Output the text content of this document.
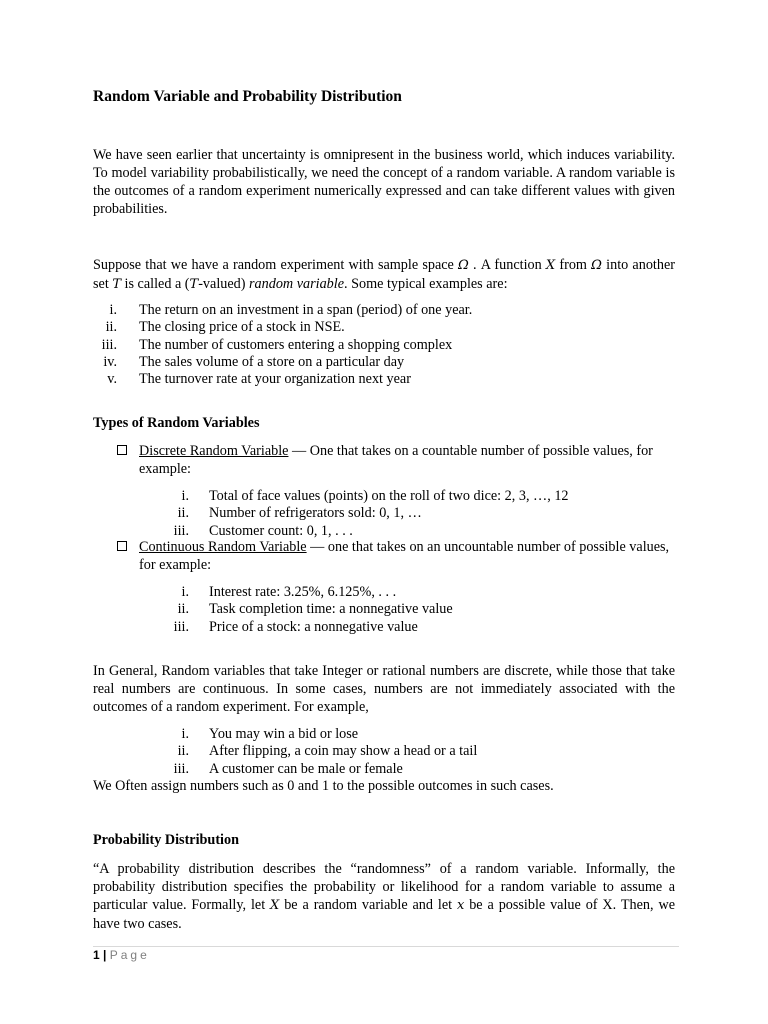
Random Variable and Probability Distribution

We have seen earlier that uncertainty is omnipresent in the business world, which induces variability. To model variability probabilistically, we need the concept of a random variable. A random variable is the outcomes of a random experiment numerically expressed and can take different values with given probabilities.

Suppose that we have a random experiment with sample space Ω . A function X from Ω into another set T is called a (T-valued) random variable. Some typical examples are:

i. The return on an investment in a span (period) of one year.
ii. The closing price of a stock in NSE.
iii. The number of customers entering a shopping complex
iv. The sales volume of a store on a particular day
v. The turnover rate at your organization next year
Types of Random Variables
Discrete Random Variable — One that takes on a countable number of possible values, for example:
i. Total of face values (points) on the roll of two dice: 2, 3, …, 12
ii. Number of refrigerators sold: 0, 1, …
iii. Customer count: 0, 1, . . .
Continuous Random Variable — one that takes on an uncountable number of possible values, for example:
i. Interest rate: 3.25%, 6.125%, . . .
ii. Task completion time: a nonnegative value
iii. Price of a stock: a nonnegative value

In General, Random variables that take Integer or rational numbers are discrete, while those that take real numbers are continuous. In some cases, numbers are not immediately associated with the outcomes of a random experiment. For example,

i. You may win a bid or lose
ii. After flipping, a coin may show a head or a tail
iii. A customer can be male or female

We Often assign numbers such as 0 and 1 to the possible outcomes in such cases.

Probability Distribution

“A probability distribution describes the “randomness” of a random variable. Informally, the probability distribution specifies the probability or likelihood for a random variable to assume a particular value. Formally, let X be a random variable and let x be a possible value of X. Then, we have two cases.

1 | Page
